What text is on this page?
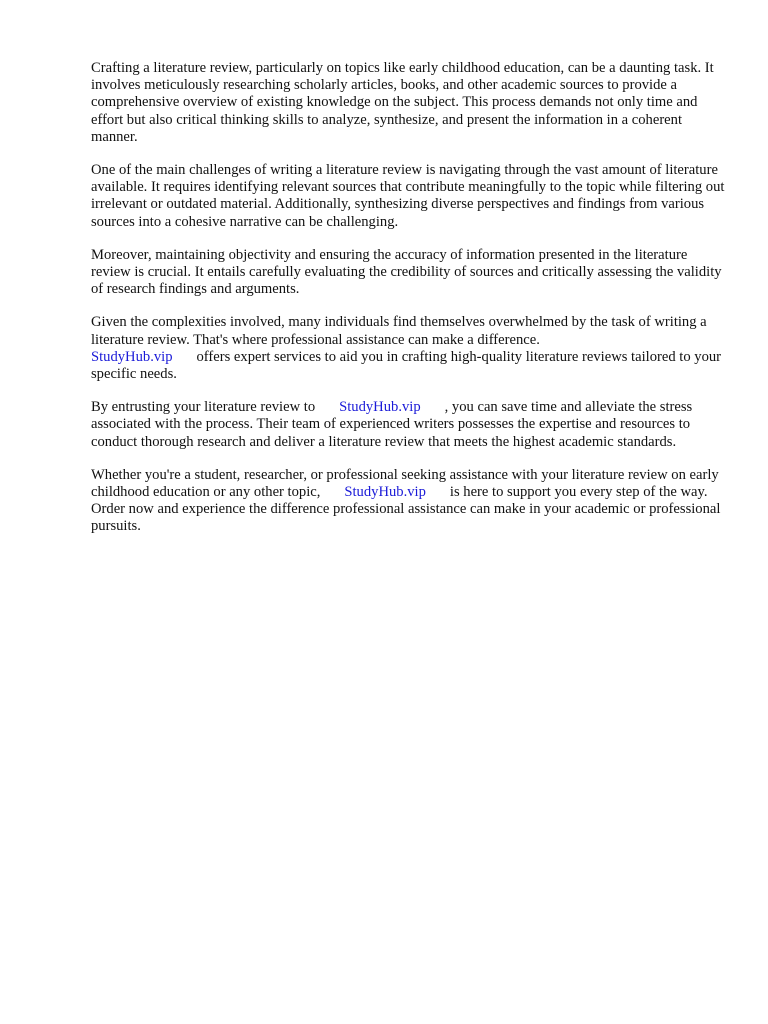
Crafting a literature review, particularly on topics like early childhood education, can be a daunting task. It involves meticulously researching scholarly articles, books, and other academic sources to provide a comprehensive overview of existing knowledge on the subject. This process demands not only time and effort but also critical thinking skills to analyze, synthesize, and present the information in a coherent manner.

One of the main challenges of writing a literature review is navigating through the vast amount of literature available. It requires identifying relevant sources that contribute meaningfully to the topic while filtering out irrelevant or outdated material. Additionally, synthesizing diverse perspectives and findings from various sources into a cohesive narrative can be challenging.

Moreover, maintaining objectivity and ensuring the accuracy of information presented in the literature review is crucial. It entails carefully evaluating the credibility of sources and critically assessing the validity of research findings and arguments.

Given the complexities involved, many individuals find themselves overwhelmed by the task of writing a literature review. That's where professional assistance can make a difference.
StudyHub.vip offers expert services to aid you in crafting high-quality literature reviews tailored to your specific needs.

By entrusting your literature review to StudyHub.vip , you can save time and alleviate the stress associated with the process. Their team of experienced writers possesses the expertise and resources to conduct thorough research and deliver a literature review that meets the highest academic standards.

Whether you're a student, researcher, or professional seeking assistance with your literature review on early childhood education or any other topic, StudyHub.vip is here to support you every step of the way. Order now and experience the difference professional assistance can make in your academic or professional pursuits.
